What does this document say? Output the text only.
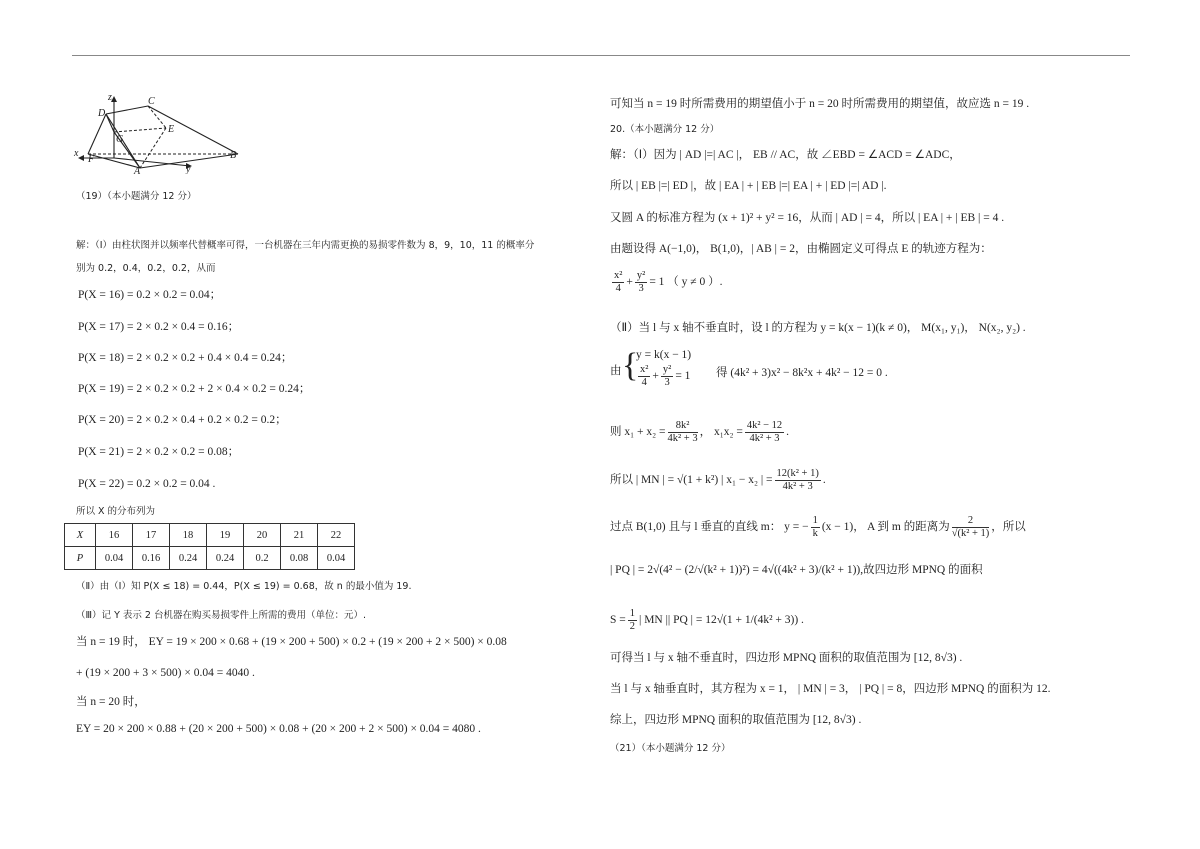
z
D
C
G
E
x
F
A	y
B
（19）（本小题满分 12 分）
解：（Ⅰ）由柱状图并以频率代替概率可得，一台机器在三年内需更换的易损零件数为 8，9，10，11 的概率分
别为 0.2，0.4，0.2，0.2，从而
P(X = 16) = 0.2 × 0.2 = 0.04；
P(X = 17) = 2 × 0.2 × 0.4 = 0.16；
P(X = 18) = 2 × 0.2 × 0.2 + 0.4 × 0.4 = 0.24；
P(X = 19) = 2 × 0.2 × 0.2 + 2 × 0.4 × 0.2 = 0.24；
P(X = 20) = 2 × 0.2 × 0.4 + 0.2 × 0.2 = 0.2；
P(X = 21) = 2 × 0.2 × 0.2 = 0.08；
P(X = 22) = 0.2 × 0.2 = 0.04 .
所以 X 的分布列为
X	16	17	18	19	20	21	22
P	0.04	0.16	0.24	0.24	0.2	0.08	0.04
（Ⅱ）由（Ⅰ）知 P(X ≤ 18) = 0.44，P(X ≤ 19) = 0.68，故 n 的最小值为 19.
（Ⅲ）记 Y 表示 2 台机器在购买易损零件上所需的费用（单位：元）.
当 n = 19 时， EY = 19 × 200 × 0.68 + (19 × 200 + 500) × 0.2 + (19 × 200 + 2 × 500) × 0.08
+ (19 × 200 + 3 × 500) × 0.04 = 4040 .
当 n = 20 时，
EY = 20 × 200 × 0.88 + (20 × 200 + 500) × 0.08 + (20 × 200 + 2 × 500) × 0.04 = 4080 .
可知当 n = 19 时所需费用的期望值小于 n = 20 时所需费用的期望值，故应选 n = 19 .
20.（本小题满分 12 分）
解：（Ⅰ）因为 | AD |=| AC |， EB // AC，故 ∠EBD = ∠ACD = ∠ADC，
所以 | EB |=| ED |，故 | EA | + | EB |=| EA | + | ED |=| AD |.
又圆 A 的标准方程为 (x + 1)² + y² = 16，从而 | AD | = 4，所以 | EA | + | EB | = 4 .
由题设得 A(−1,0)， B(1,0)，| AB | = 2，由椭圆定义可得点 E 的轨迹方程为：
$\frac{\text{x²}}{4} + \frac{\text{y²}}{3} = 1$ （ y ≠ 0 ）.
（Ⅱ）当 l 与 x 轴不垂直时，设 l 的方程为 y = k(x − 1)(k ≠ 0)， M(x₁, y₁)， N(x₂, y₂) .
由 {
y = k(x − 1)
$\frac{\text{x²}}{4} + \frac{\text{y²}}{3} = 1$ 得 (4k² + 3)x² − 8k²x + 4k² − 12 = 0 .
则 $x_1 + x_2 = \frac{\text{8k²}}{\text{4k² + 3}}$ ， $x_1x_2 = \frac{\text{4k² − 12}}{\text{4k² + 3}}$ .
所以 | MN | = √(1 + k²) | x₁ − x₂ | = $\frac{\text{12(k² + 1)}}{\text{4k² + 3}}$ .
过点 B(1,0) 且与 l 垂直的直线 m： y = − $\frac{1}{k} (x - 1)$， A 到 m 的距离为 $\frac{2}{\text{√(k² + 1)}}$ ，所以
| PQ | = 2√(4² − (2/√(k² + 1))²) = 4√((4k² + 3)/(k² + 1)),故四边形 MPNQ 的面积
$S = \frac{1}{2}$ | MN || PQ | = 12√(1 + 1/(4k² + 3)) .
可得当 l 与 x 轴不垂直时，四边形 MPNQ 面积的取值范围为 [12, 8√3) .
当 l 与 x 轴垂直时，其方程为 x = 1， | MN | = 3， | PQ | = 8，四边形 MPNQ 的面积为 12.
综上，四边形 MPNQ 面积的取值范围为 [12, 8√3) .
（21）（本小题满分 12 分）
